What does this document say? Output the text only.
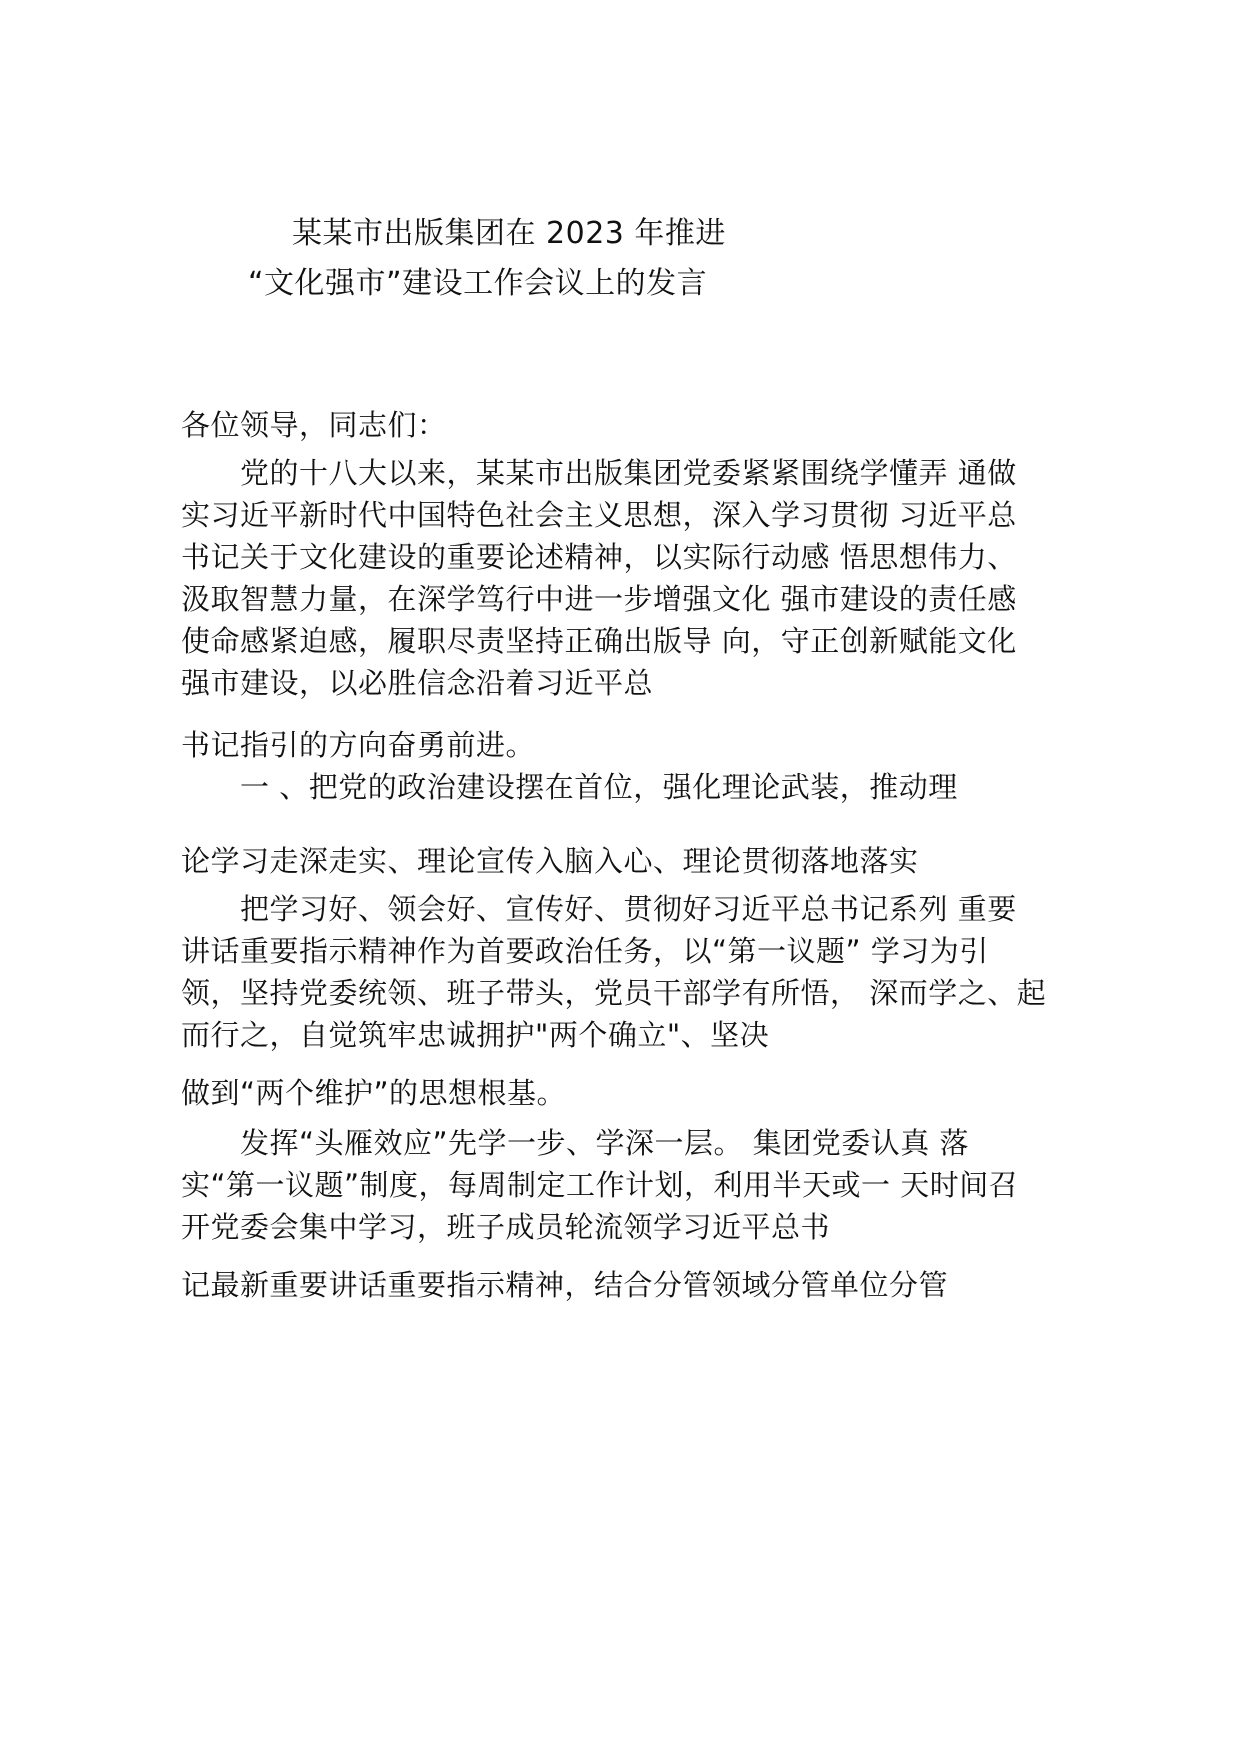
某某市出版集团在 2023 年推进
“文化强市”建设工作会议上的发言
各位领导，同志们：
党的十八大以来，某某市出版集团党委紧紧围绕学懂弄 通做
实习近平新时代中国特色社会主义思想，深入学习贯彻 习近平总
书记关于文化建设的重要论述精神，以实际行动感 悟思想伟力、
汲取智慧力量，在深学笃行中进一步增强文化 强市建设的责任感
使命感紧迫感，履职尽责坚持正确出版导 向，守正创新赋能文化
强市建设，以必胜信念沿着习近平总
书记指引的方向奋勇前进。
一 、把党的政治建设摆在首位，强化理论武装，推动理
论学习走深走实、理论宣传入脑入心、理论贯彻落地落实
把学习好、领会好、宣传好、贯彻好习近平总书记系列 重要
讲话重要指示精神作为首要政治任务，以“第一议题” 学习为引
领，坚持党委统领、班子带头，党员干部学有所悟， 深而学之、起
而行之，自觉筑牢忠诚拥护"两个确立"、坚决
做到“两个维护”的思想根基。
发挥“头雁效应”先学一步、学深一层。 集团党委认真 落
实“第一议题”制度，每周制定工作计划，利用半天或一 天时间召
开党委会集中学习，班子成员轮流领学习近平总书
记最新重要讲话重要指示精神，结合分管领域分管单位分管
